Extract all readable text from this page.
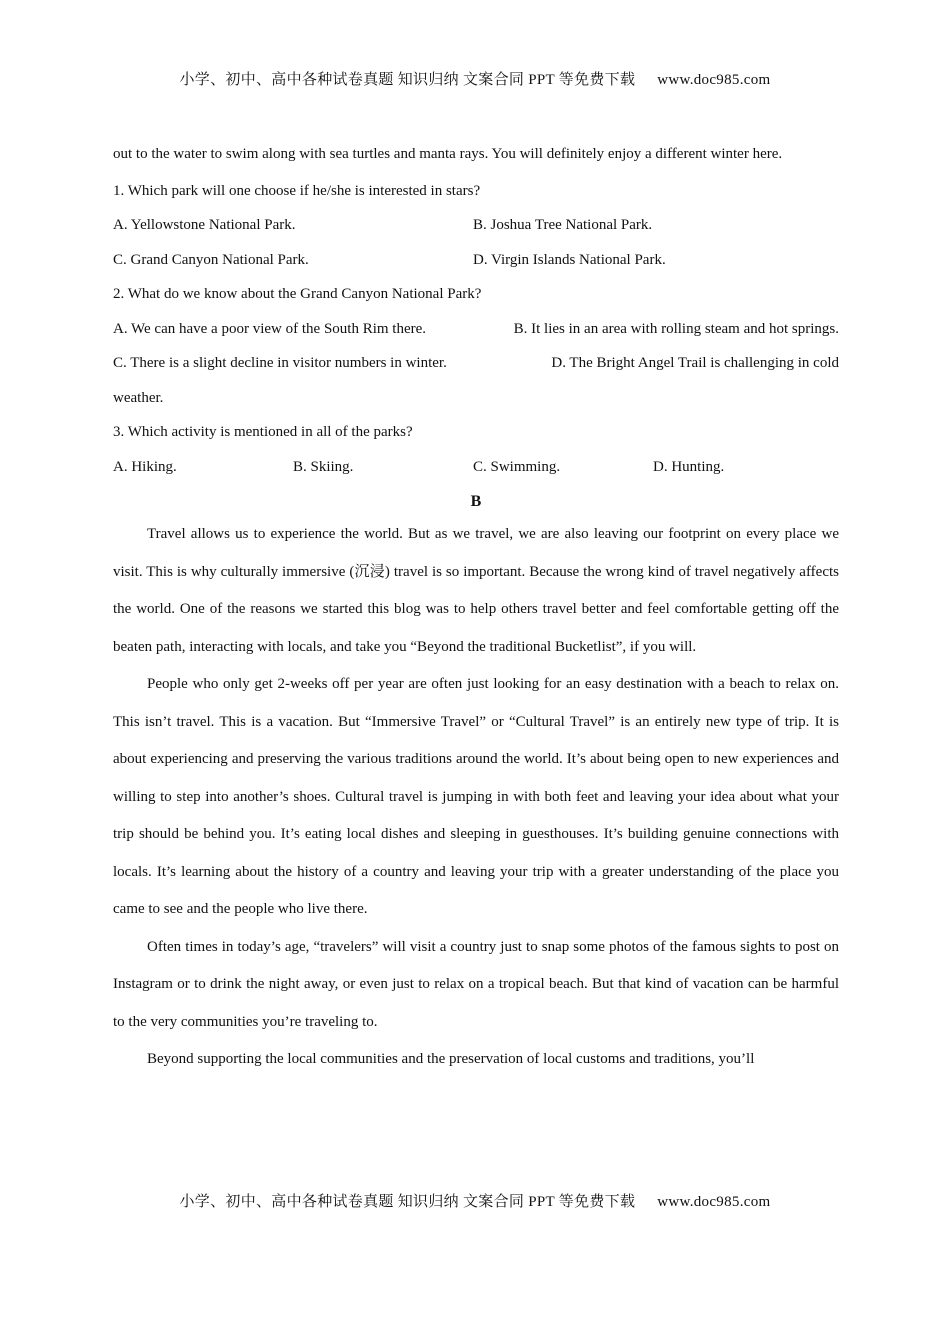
小学、初中、高中各种试卷真题 知识归纳 文案合同 PPT 等免费下载 www.doc985.com

out to the water to swim along with sea turtles and manta rays. You will definitely enjoy a different winter here.

1. Which park will one choose if he/she is interested in stars?

A. Yellowstone National Park.	B. Joshua Tree National Park.
C. Grand Canyon National Park.	D. Virgin Islands National Park.

2. What do we know about the Grand Canyon National Park?

A. We can have a poor view of the South Rim there.	B. It lies in an area with rolling steam and hot springs.
C. There is a slight decline in visitor numbers in winter.	D. The Bright Angel Trail is challenging in cold

weather.

3. Which activity is mentioned in all of the parks?

A. Hiking.	B. Skiing.	C. Swimming.	D. Hunting.

B

Travel allows us to experience the world. But as we travel, we are also leaving our footprint on every place we visit. This is why culturally immersive (沉浸) travel is so important. Because the wrong kind of travel negatively affects the world. One of the reasons we started this blog was to help others travel better and feel comfortable getting off the beaten path, interacting with locals, and take you “Beyond the traditional Bucketlist”, if you will.

People who only get 2-weeks off per year are often just looking for an easy destination with a beach to relax on. This isn’t travel. This is a vacation. But “Immersive Travel” or “Cultural Travel” is an entirely new type of trip. It is about experiencing and preserving the various traditions around the world. It’s about being open to new experiences and willing to step into another’s shoes. Cultural travel is jumping in with both feet and leaving your idea about what your trip should be behind you. It’s eating local dishes and sleeping in guesthouses. It’s building genuine connections with locals. It’s learning about the history of a country and leaving your trip with a greater understanding of the place you came to see and the people who live there.

Often times in today’s age, “travelers” will visit a country just to snap some photos of the famous sights to post on Instagram or to drink the night away, or even just to relax on a tropical beach. But that kind of vacation can be harmful to the very communities you’re traveling to.

Beyond supporting the local communities and the preservation of local customs and traditions, you’ll

小学、初中、高中各种试卷真题 知识归纳 文案合同 PPT 等免费下载 www.doc985.com
